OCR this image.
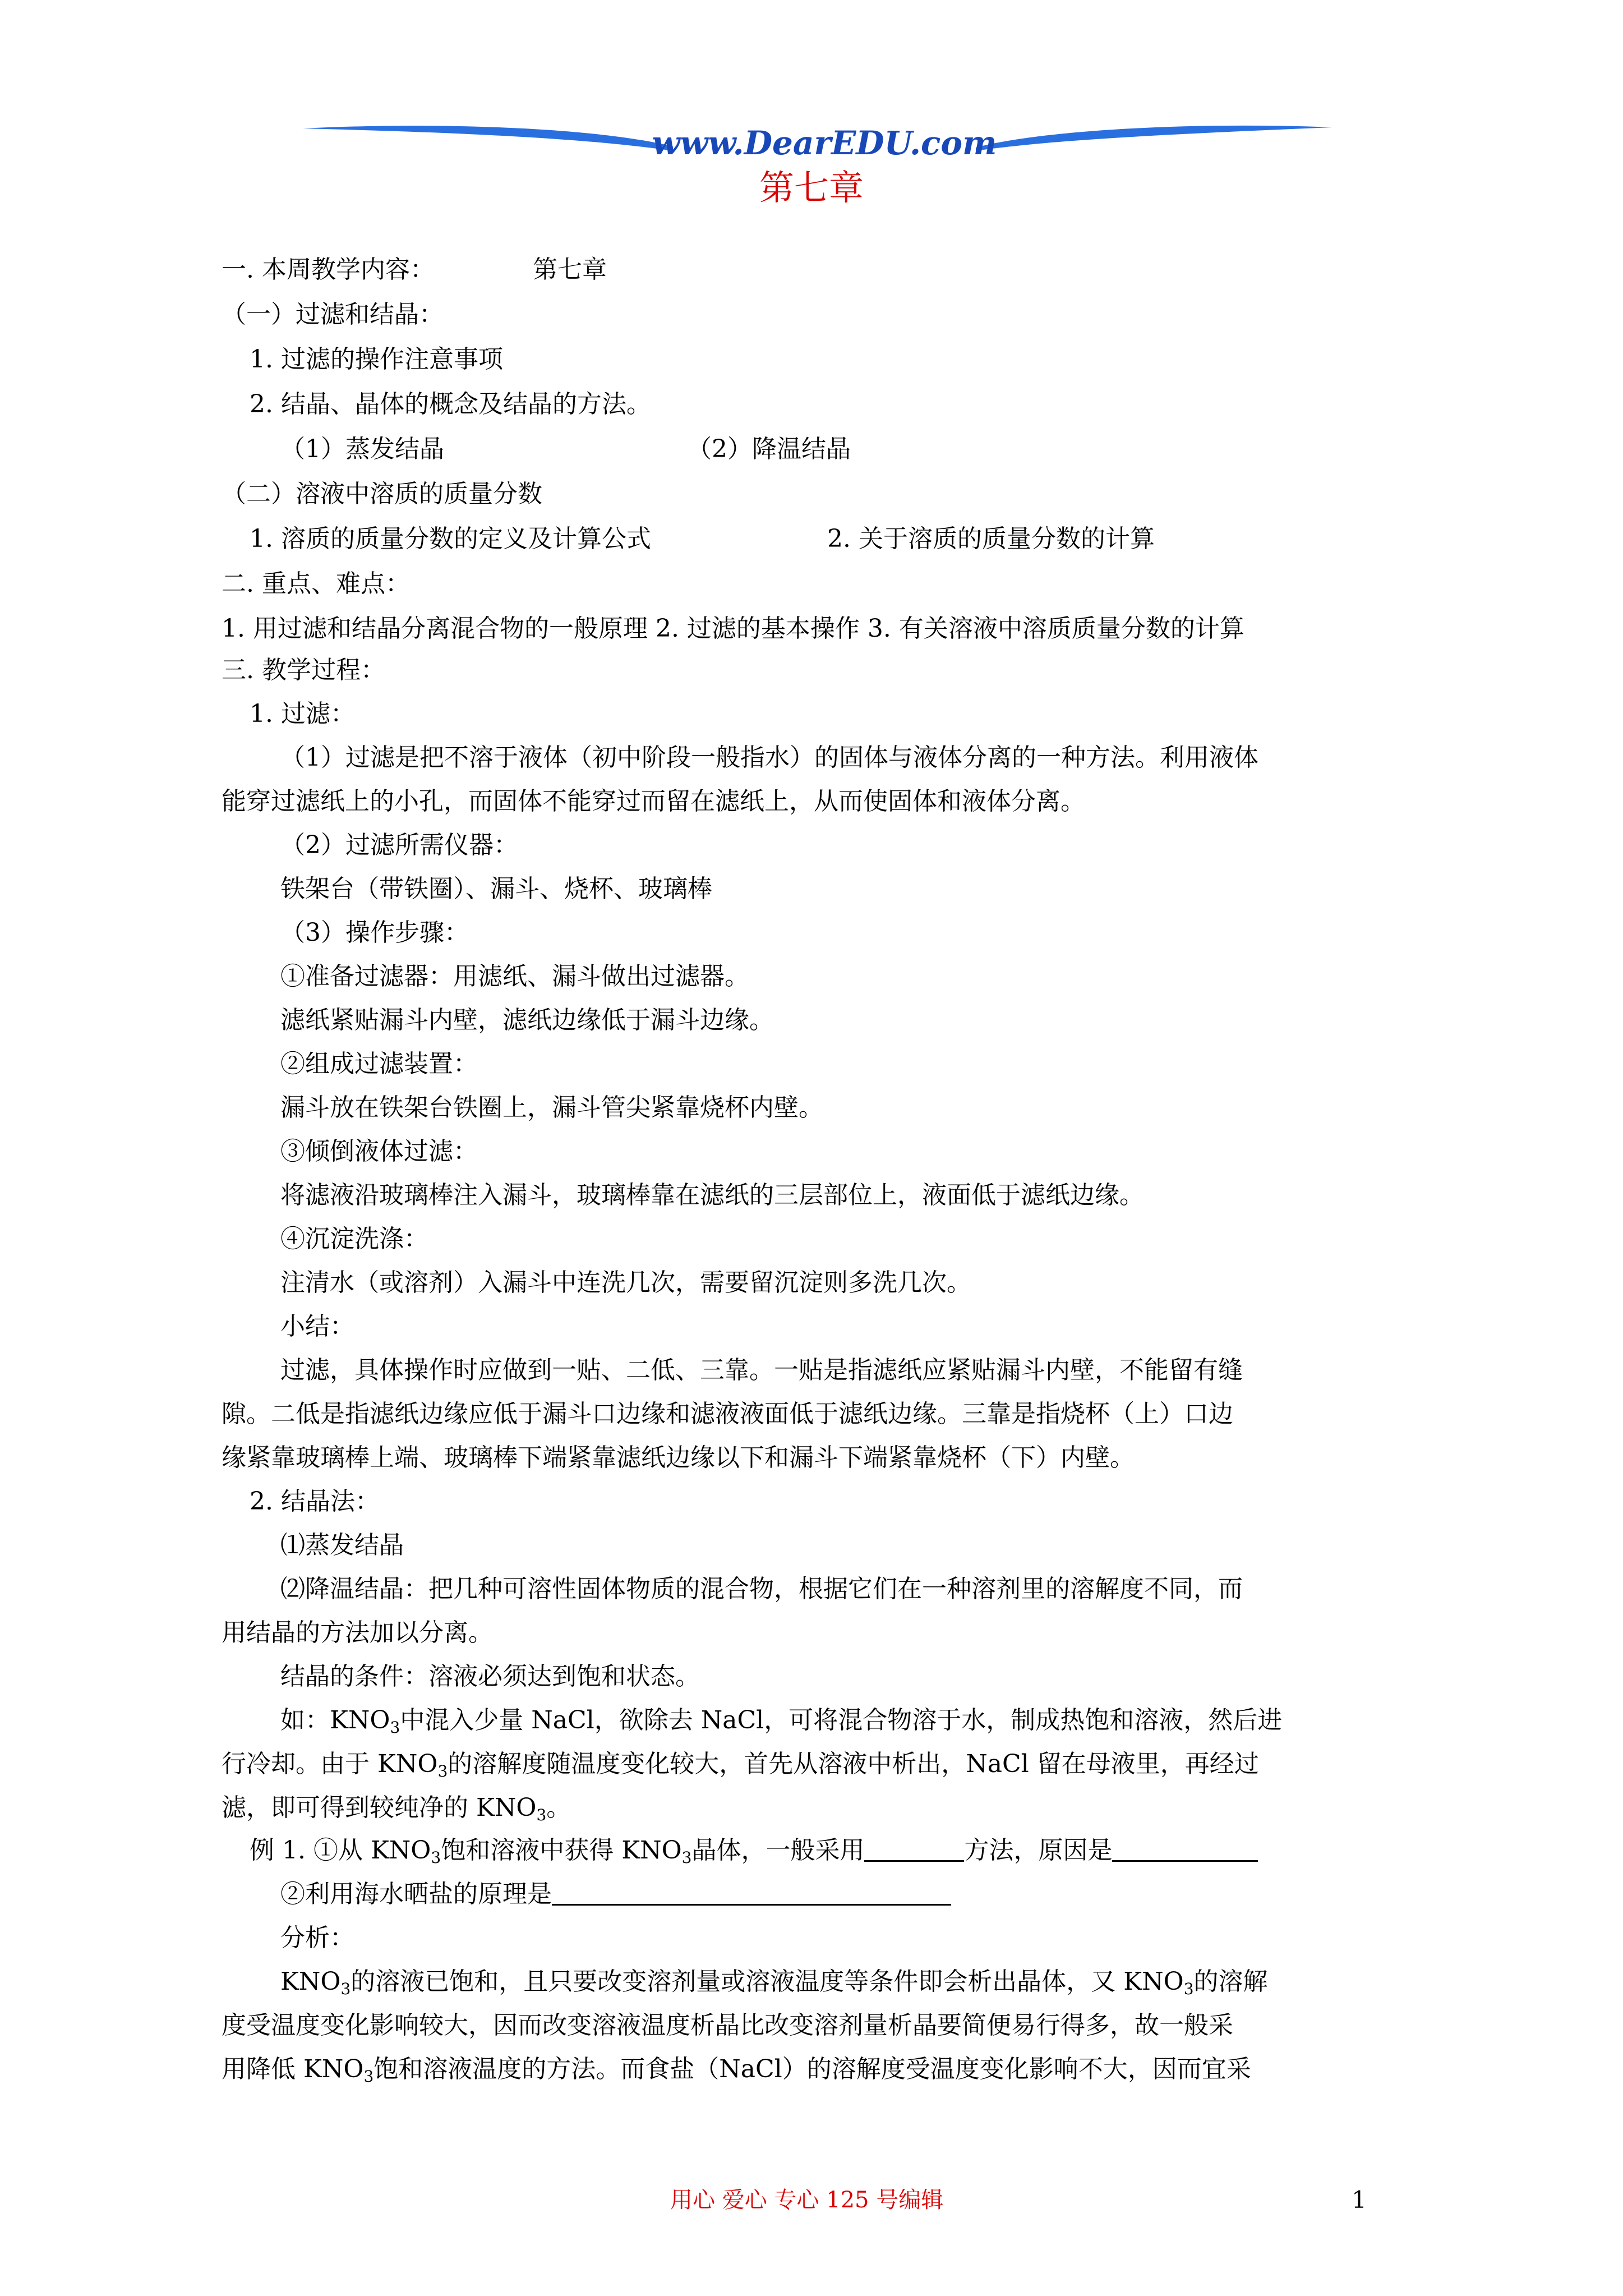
www.DearEDU.com
第七章
一. 本周教学内容：	第七章
（一）过滤和结晶：
1. 过滤的操作注意事项
2. 结晶、晶体的概念及结晶的方法。
（1）蒸发结晶	（2）降温结晶
（二）溶液中溶质的质量分数
1. 溶质的质量分数的定义及计算公式	2. 关于溶质的质量分数的计算
二. 重点、难点：
1. 用过滤和结晶分离混合物的一般原理 2. 过滤的基本操作 3. 有关溶液中溶质质量分数的计算
三. 教学过程：
1. 过滤：
（1）过滤是把不溶于液体（初中阶段一般指水）的固体与液体分离的一种方法。利用液体
能穿过滤纸上的小孔，而固体不能穿过而留在滤纸上，从而使固体和液体分离。
（2）过滤所需仪器：
铁架台（带铁圈）、漏斗、烧杯、玻璃棒
（3）操作步骤：
①准备过滤器：用滤纸、漏斗做出过滤器。
滤纸紧贴漏斗内壁，滤纸边缘低于漏斗边缘。
②组成过滤装置：
漏斗放在铁架台铁圈上，漏斗管尖紧靠烧杯内壁。
③倾倒液体过滤：
将滤液沿玻璃棒注入漏斗，玻璃棒靠在滤纸的三层部位上，液面低于滤纸边缘。
④沉淀洗涤：
注清水（或溶剂）入漏斗中连洗几次，需要留沉淀则多洗几次。
小结：
过滤，具体操作时应做到一贴、二低、三靠。一贴是指滤纸应紧贴漏斗内壁，不能留有缝
隙。二低是指滤纸边缘应低于漏斗口边缘和滤液液面低于滤纸边缘。三靠是指烧杯（上）口边
缘紧靠玻璃棒上端、玻璃棒下端紧靠滤纸边缘以下和漏斗下端紧靠烧杯（下）内壁。
2. 结晶法：
⑴蒸发结晶
⑵降温结晶：把几种可溶性固体物质的混合物，根据它们在一种溶剂里的溶解度不同，而
用结晶的方法加以分离。
结晶的条件：溶液必须达到饱和状态。
如：$KNO_3$中混入少量 NaCl，欲除去 NaCl，可将混合物溶于水，制成热饱和溶液，然后进
行冷却。由于 $KNO_3$的溶解度随温度变化较大，首先从溶液中析出，NaCl 留在母液里，再经过
滤，即可得到较纯净的 $KNO_3$。
例 1. ①从 $KNO_3$饱和溶液中获得 $KNO_3$晶体，一般采用	方法，原因是
②利用海水晒盐的原理是
分析：
$KNO_3$的溶液已饱和，且只要改变溶剂量或溶液温度等条件即会析出晶体，又 $KNO_3$的溶解
度受温度变化影响较大，因而改变溶液温度析晶比改变溶剂量析晶要简便易行得多，故一般采
用降低 $KNO_3$饱和溶液温度的方法。而食盐（NaCl）的溶解度受温度变化影响不大，因而宜采
用心 爱心 专心 125 号编辑	1
